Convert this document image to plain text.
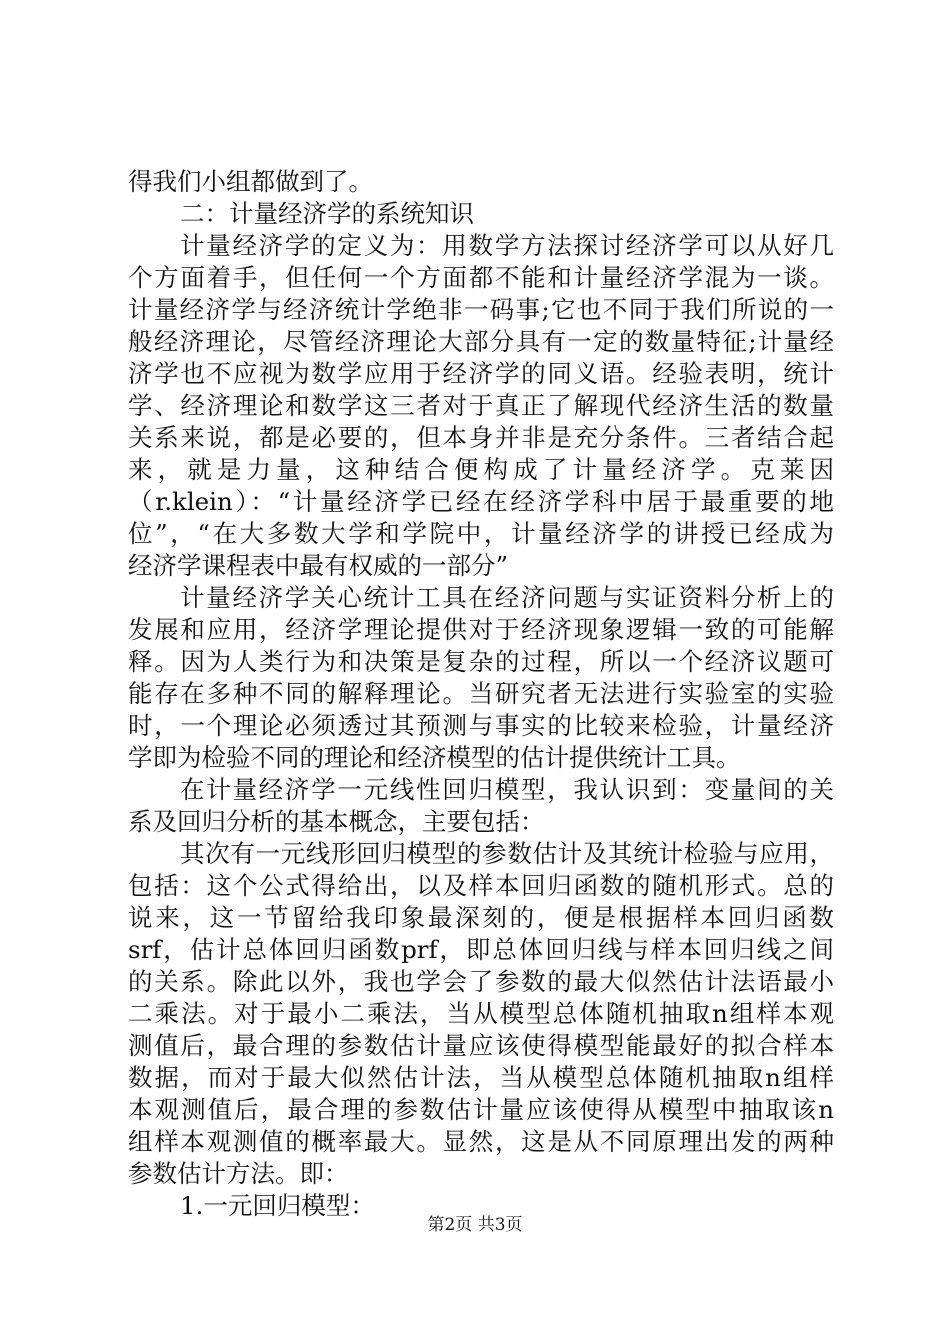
得我们小组都做到了。
二：计量经济学的系统知识
计量经济学的定义为：用数学方法探讨经济学可以从好几
个方面着手，但任何一个方面都不能和计量经济学混为一谈。
计量经济学与经济统计学绝非一码事;它也不同于我们所说的一
般经济理论，尽管经济理论大部分具有一定的数量特征;计量经
济学也不应视为数学应用于经济学的同义语。经验表明，统计
学、经济理论和数学这三者对于真正了解现代经济生活的数量
关系来说，都是必要的，但本身并非是充分条件。三者结合起
来，就是力量，这种结合便构成了计量经济学。克莱因
（r.klein）：“计量经济学已经在经济学科中居于最重要的地
位”，“在大多数大学和学院中，计量经济学的讲授已经成为
经济学课程表中最有权威的一部分”
计量经济学关心统计工具在经济问题与实证资料分析上的
发展和应用，经济学理论提供对于经济现象逻辑一致的可能解
释。因为人类行为和决策是复杂的过程，所以一个经济议题可
能存在多种不同的解释理论。当研究者无法进行实验室的实验
时，一个理论必须透过其预测与事实的比较来检验，计量经济
学即为检验不同的理论和经济模型的估计提供统计工具。
在计量经济学一元线性回归模型，我认识到：变量间的关
系及回归分析的基本概念，主要包括：
其次有一元线形回归模型的参数估计及其统计检验与应用，
包括：这个公式得给出，以及样本回归函数的随机形式。总的
说来，这一节留给我印象最深刻的，便是根据样本回归函数
srf，估计总体回归函数prf，即总体回归线与样本回归线之间
的关系。除此以外，我也学会了参数的最大似然估计法语最小
二乘法。对于最小二乘法，当从模型总体随机抽取n组样本观
测值后，最合理的参数估计量应该使得模型能最好的拟合样本
数据，而对于最大似然估计法，当从模型总体随机抽取n组样
本观测值后，最合理的参数估计量应该使得从模型中抽取该n
组样本观测值的概率最大。显然，这是从不同原理出发的两种
参数估计方法。即：
1.一元回归模型：
第2页 共3页
